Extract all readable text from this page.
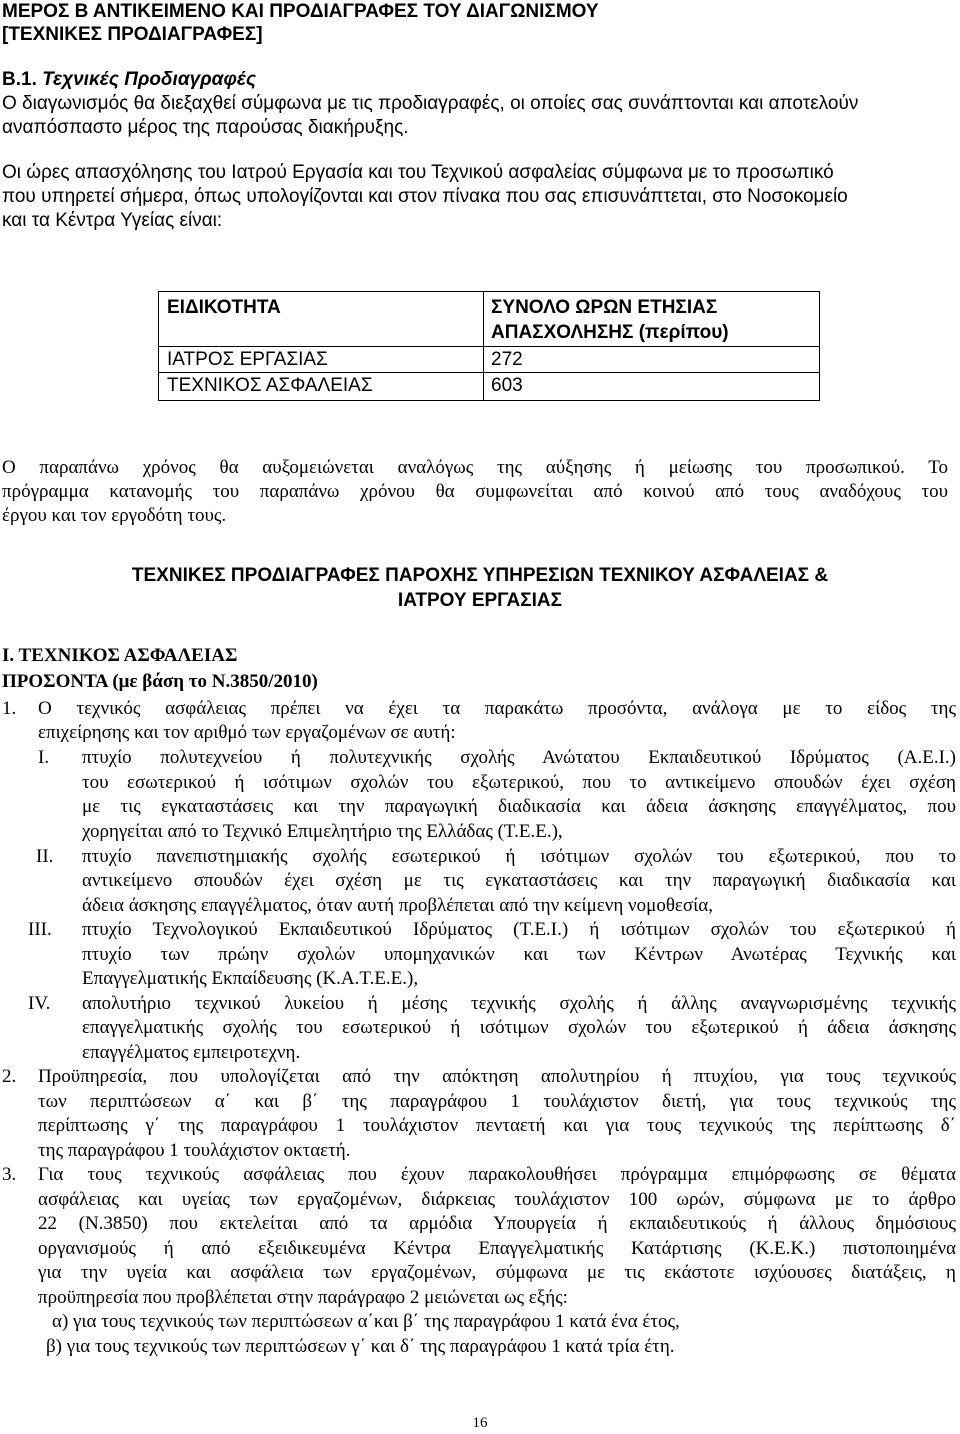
ΜΕΡΟΣ Β ΑΝΤΙΚΕΙΜΕΝΟ ΚΑΙ ΠΡΟΔΙΑΓΡΑΦΕΣ ΤΟΥ ΔΙΑΓΩΝΙΣΜΟΥ
[ΤΕΧΝΙΚΕΣ ΠΡΟΔΙΑΓΡΑΦΕΣ]
Β.1. Τεχνικές Προδιαγραφές
Ο διαγωνισμός θα διεξαχθεί σύμφωνα με τις προδιαγραφές, οι οποίες σας συνάπτονται και αποτελούν
αναπόσπαστο μέρος της παρούσας διακήρυξης.
Οι ώρες απασχόλησης του Ιατρού Εργασία και του Τεχνικού ασφαλείας σύμφωνα με το προσωπικό
που υπηρετεί σήμερα, όπως υπολογίζονται και στον πίνακα που σας επισυνάπτεται, στο Νοσοκομείο
και τα Κέντρα Υγείας είναι:
ΕΙΔΙΚΟΤΗΤΑ	ΣΥΝΟΛΟ ΩΡΩΝ ΕΤΗΣΙΑΣ
ΑΠΑΣΧΟΛΗΣΗΣ (περίπου)
ΙΑΤΡΟΣ ΕΡΓΑΣΙΑΣ	272
ΤΕΧΝΙΚΟΣ ΑΣΦΑΛΕΙΑΣ	603
Ο παραπάνω χρόνος θα αυξομειώνεται αναλόγως της αύξησης ή μείωσης του προσωπικού. Το
πρόγραμμα κατανομής του παραπάνω χρόνου θα συμφωνείται από κοινού από τους αναδόχους του
έργου και τον εργοδότη τους.
ΤΕΧΝΙΚΕΣ ΠΡΟΔΙΑΓΡΑΦΕΣ ΠΑΡΟΧΗΣ ΥΠΗΡΕΣΙΩΝ ΤΕΧΝΙΚΟΥ ΑΣΦΑΛΕΙΑΣ &
ΙΑΤΡΟΥ ΕΡΓΑΣΙΑΣ
Ι. ΤΕΧΝΙΚΟΣ ΑΣΦΑΛΕΙΑΣ
ΠΡΟΣΟΝΤΑ (με βάση το Ν.3850/2010)
1. Ο τεχνικός ασφάλειας πρέπει να έχει τα παρακάτω προσόντα, ανάλογα με το είδος της
επιχείρησης και τον αριθμό των εργαζομένων σε αυτή:
Ι. πτυχίο πολυτεχνείου ή πολυτεχνικής σχολής Ανώτατου Εκπαιδευτικού Ιδρύματος (Α.Ε.Ι.)
του εσωτερικού ή ισότιμων σχολών του εξωτερικού, που το αντικείμενο σπουδών έχει σχέση
με τις εγκαταστάσεις και την παραγωγική διαδικασία και άδεια άσκησης επαγγέλματος, που
χορηγείται από το Τεχνικό Επιμελητήριο της Ελλάδας (Τ.Ε.Ε.),
ΙΙ. πτυχίο πανεπιστημιακής σχολής εσωτερικού ή ισότιμων σχολών του εξωτερικού, που το
αντικείμενο σπουδών έχει σχέση με τις εγκαταστάσεις και την παραγωγική διαδικασία και
άδεια άσκησης επαγγέλματος, όταν αυτή προβλέπεται από την κείμενη νομοθεσία,
ΙΙΙ. πτυχίο Τεχνολογικού Εκπαιδευτικού Ιδρύματος (Τ.Ε.Ι.) ή ισότιμων σχολών του εξωτερικού ή
πτυχίο των πρώην σχολών υπομηχανικών και των Κέντρων Ανωτέρας Τεχνικής και
Επαγγελματικής Εκπαίδευσης (Κ.Α.Τ.Ε.Ε.),
ΙV. απολυτήριο τεχνικού λυκείου ή μέσης τεχνικής σχολής ή άλλης αναγνωρισμένης τεχνικής
επαγγελματικής σχολής του εσωτερικού ή ισότιμων σχολών του εξωτερικού ή άδεια άσκησης
επαγγέλματος εμπειροτεχνη.
2. Προϋπηρεσία, που υπολογίζεται από την απόκτηση απολυτηρίου ή πτυχίου, για τους τεχνικούς
των περιπτώσεων α΄ και β΄ της παραγράφου 1 τουλάχιστον διετή, για τους τεχνικούς της
περίπτωσης γ΄ της παραγράφου 1 τουλάχιστον πενταετή και για τους τεχνικούς της περίπτωσης δ΄
της παραγράφου 1 τουλάχιστον οκταετή.
3. Για τους τεχνικούς ασφάλειας που έχουν παρακολουθήσει πρόγραμμα επιμόρφωσης σε θέματα
ασφάλειας και υγείας των εργαζομένων, διάρκειας τουλάχιστον 100 ωρών, σύμφωνα με το άρθρο
22 (Ν.3850) που εκτελείται από τα αρμόδια Υπουργεία ή εκπαιδευτικούς ή άλλους δημόσιους
οργανισμούς ή από εξειδικευμένα Κέντρα Επαγγελματικής Κατάρτισης (Κ.Ε.Κ.) πιστοποιημένα
για την υγεία και ασφάλεια των εργαζομένων, σύμφωνα με τις εκάστοτε ισχύουσες διατάξεις, η
προϋπηρεσία που προβλέπεται στην παράγραφο 2 μειώνεται ως εξής:
α) για τους τεχνικούς των περιπτώσεων α΄και β΄ της παραγράφου 1 κατά ένα έτος,
β) για τους τεχνικούς των περιπτώσεων γ΄ και δ΄ της παραγράφου 1 κατά τρία έτη.
16
